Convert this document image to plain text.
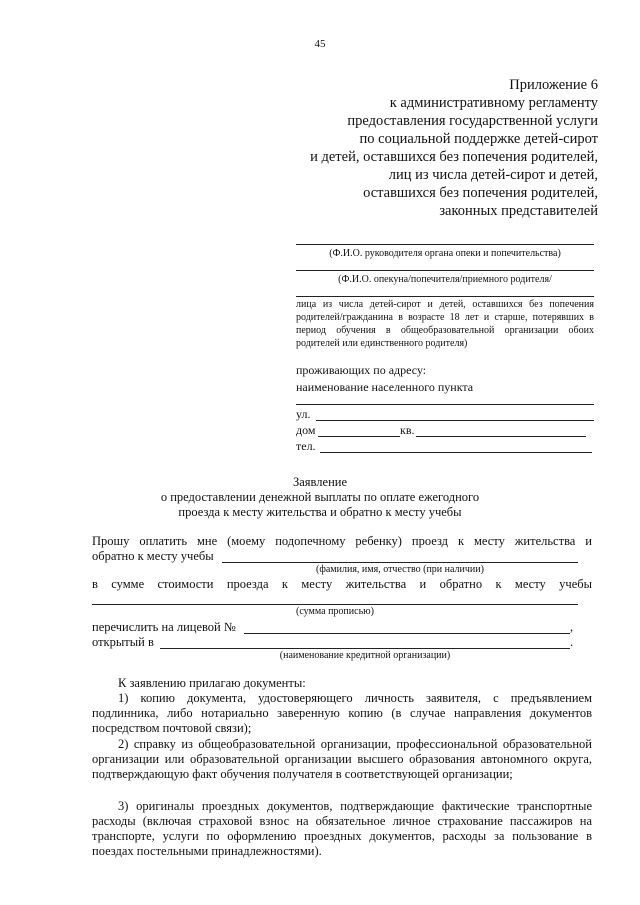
45
Приложение 6
к административному регламенту
предоставления государственной услуги
по социальной поддержке детей-сирот
и детей, оставшихся без попечения родителей,
лиц из числа детей-сирот и детей,
оставшихся без попечения родителей,
законных представителей
(Ф.И.О. руководителя органа опеки и попечительства)
(Ф.И.О. опекуна/попечителя/приемного родителя/
лица из числа детей-сирот и детей, оставшихся без попечения родителей/гражданина в возрасте 18 лет и старше, потерявших в период обучения в общеобразовательной организации обоих родителей или единственного родителя)
проживающих по адресу:
наименование населенного пункта
ул.
дом	кв.
тел.
Заявление
о предоставлении денежной выплаты по оплате ежегодного
проезда к месту жительства и обратно к месту учебы
Прошу оплатить мне (моему подопечному ребенку) проезд к месту жительства и
обратно к месту учебы
(фамилия, имя, отчество (при наличии)
в сумме стоимости проезда к месту жительства и обратно к месту учебы
(сумма прописью)
перечислить на лицевой №	,
открытый в	.
(наименование кредитной организации)
К заявлению прилагаю документы:
1) копию документа, удостоверяющего личность заявителя, с предъявлением подлинника, либо нотариально заверенную копию (в случае направления документов посредством почтовой связи);
2) справку из общеобразовательной организации, профессиональной образовательной организации или образовательной организации высшего образования автономного округа, подтверждающую факт обучения получателя в соответствующей организации;
3) оригиналы проездных документов, подтверждающие фактические транспортные расходы (включая страховой взнос на обязательное личное страхование пассажиров на транспорте, услуги по оформлению проездных документов, расходы за пользование в поездах постельными принадлежностями).
